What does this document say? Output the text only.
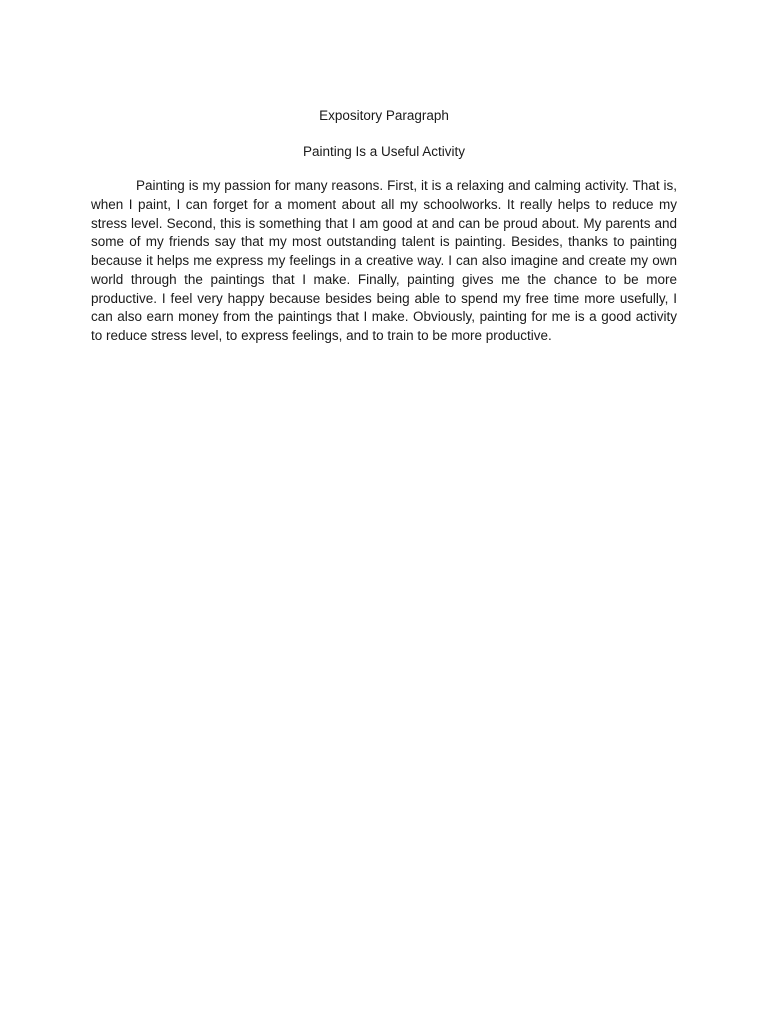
Expository Paragraph
Painting Is a Useful Activity

Painting is my passion for many reasons. First, it is a relaxing and calming activity. That is, when I paint, I can forget for a moment about all my schoolworks. It really helps to reduce my stress level. Second, this is something that I am good at and can be proud about. My parents and some of my friends say that my most outstanding talent is painting. Besides, thanks to painting because it helps me express my feelings in a creative way. I can also imagine and create my own world through the paintings that I make. Finally, painting gives me the chance to be more productive. I feel very happy because besides being able to spend my free time more usefully, I can also earn money from the paintings that I make. Obviously, painting for me is a good activity to reduce stress level, to express feelings, and to train to be more productive.
